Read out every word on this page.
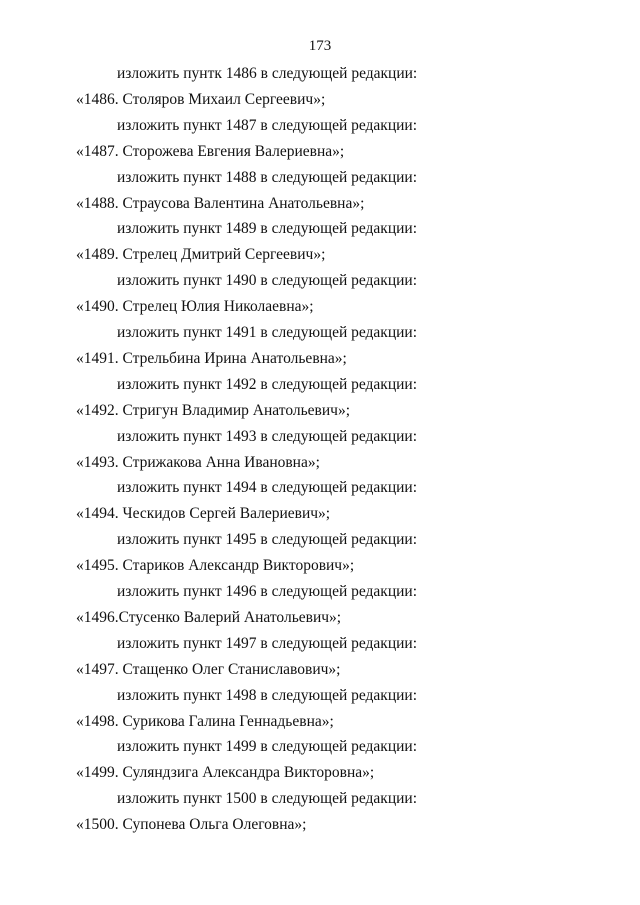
173
изложить пунтк 1486 в следующей редакции:
«1486. Столяров Михаил Сергеевич»;
изложить пункт 1487 в следующей редакции:
«1487. Сторожева Евгения Валериевна»;
изложить пункт 1488 в следующей редакции:
«1488. Страусова Валентина Анатольевна»;
изложить пункт 1489 в следующей редакции:
«1489. Стрелец Дмитрий Сергеевич»;
изложить пункт 1490 в следующей редакции:
«1490. Стрелец Юлия Николаевна»;
изложить пункт 1491 в следующей редакции:
«1491. Стрельбина Ирина Анатольевна»;
изложить пункт 1492 в следующей редакции:
«1492. Стригун Владимир Анатольевич»;
изложить пункт 1493 в следующей редакции:
«1493. Стрижакова Анна Ивановна»;
изложить пункт 1494 в следующей редакции:
«1494. Ческидов Сергей Валериевич»;
изложить пункт 1495 в следующей редакции:
«1495. Стариков Александр Викторович»;
изложить пункт 1496 в следующей редакции:
«1496.Стусенко Валерий Анатольевич»;
изложить пункт 1497 в следующей редакции:
«1497. Стащенко Олег Станиславович»;
изложить пункт 1498 в следующей редакции:
«1498. Сурикова Галина Геннадьевна»;
изложить пункт 1499 в следующей редакции:
«1499. Суляндзига Александра Викторовна»;
изложить пункт 1500 в следующей редакции:
«1500. Супонева Ольга Олеговна»;
